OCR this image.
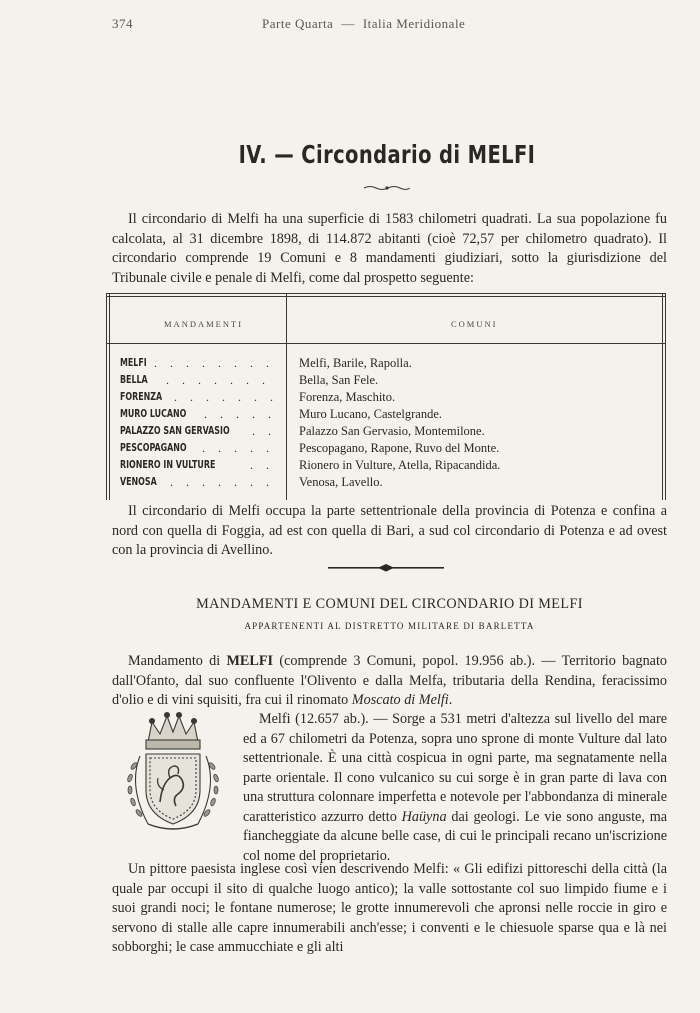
374	Parte Quarta — Italia Meridionale
IV. — Circondario di MELFI
Il circondario di Melfi ha una superficie di 1583 chilometri quadrati. La sua popolazione fu calcolata, al 31 dicembre 1898, di 114.872 abitanti (cioè 72,57 per chilometro quadrato). Il circondario comprende 19 Comuni e 8 mandamenti giudiziari, sotto la giurisdizione del Tribunale civile e penale di Melfi, come dal prospetto seguente:
MANDAMENTI	COMUNI
MELFI . . . . . . . . Melfi, Barile, Rapolla.
BELLA . . . . . . . Bella, San Fele.
FORENZA . . . . . . . Forenza, Maschito.
MURO LUCANO . . . . . Muro Lucano, Castelgrande.
PALAZZO SAN GERVASIO . . Palazzo San Gervasio, Montemilone.
PESCOPAGANO . . . . . Pescopagano, Rapone, Ruvo del Monte.
RIONERO IN VULTURE	. . Rionero in Vulture, Atella, Ripacandida.
VENOSA . . . . . . . Venosa, Lavello.
Il circondario di Melfi occupa la parte settentrionale della provincia di Potenza e confina a nord con quella di Foggia, ad est con quella di Bari, a sud col circondario di Potenza e ad ovest con la provincia di Avellino.
MANDAMENTI E COMUNI DEL CIRCONDARIO DI MELFI
APPARTENENTI AL DISTRETTO MILITARE DI BARLETTA
Mandamento di MELFI (comprende 3 Comuni, popol. 19.956 ab.). — Territorio bagnato dall'Ofanto, dal suo confluente l'Olivento e dalla Melfa, tributaria della Rendina, feracissimo d'olio e di vini squisiti, fra cui il rinomato Moscato di Melfi.
Melfi (12.657 ab.). — Sorge a 531 metri d'altezza sul livello del mare ed a 67 chilometri da Potenza, sopra uno sprone di monte Vulture dal lato settentrionale. È una città cospicua in ogni parte, ma segnatamente nella parte orientale. Il cono vulcanico su cui sorge è in gran parte di lava con una struttura colonnare imperfetta e notevole per l'abbondanza di minerale caratteristico azzurro detto Haüyna dai geologi. Le vie sono anguste, ma fiancheggiate da alcune belle case, di cui le principali recano un'iscrizione col nome del proprietario.
Un pittore paesista inglese così vien descrivendo Melfi: « Gli edifizi pittoreschi della città (la quale par occupi il sito di qualche luogo antico); la valle sottostante col suo limpido fiume e i suoi grandi noci; le fontane numerose; le grotte innumerevoli che apronsi nelle roccie in giro e servono di stalle alle capre innumerabili anch'esse; i conventi e le chiesuole sparse qua e là nei sobborghi; le case ammucchiate e gli alti
